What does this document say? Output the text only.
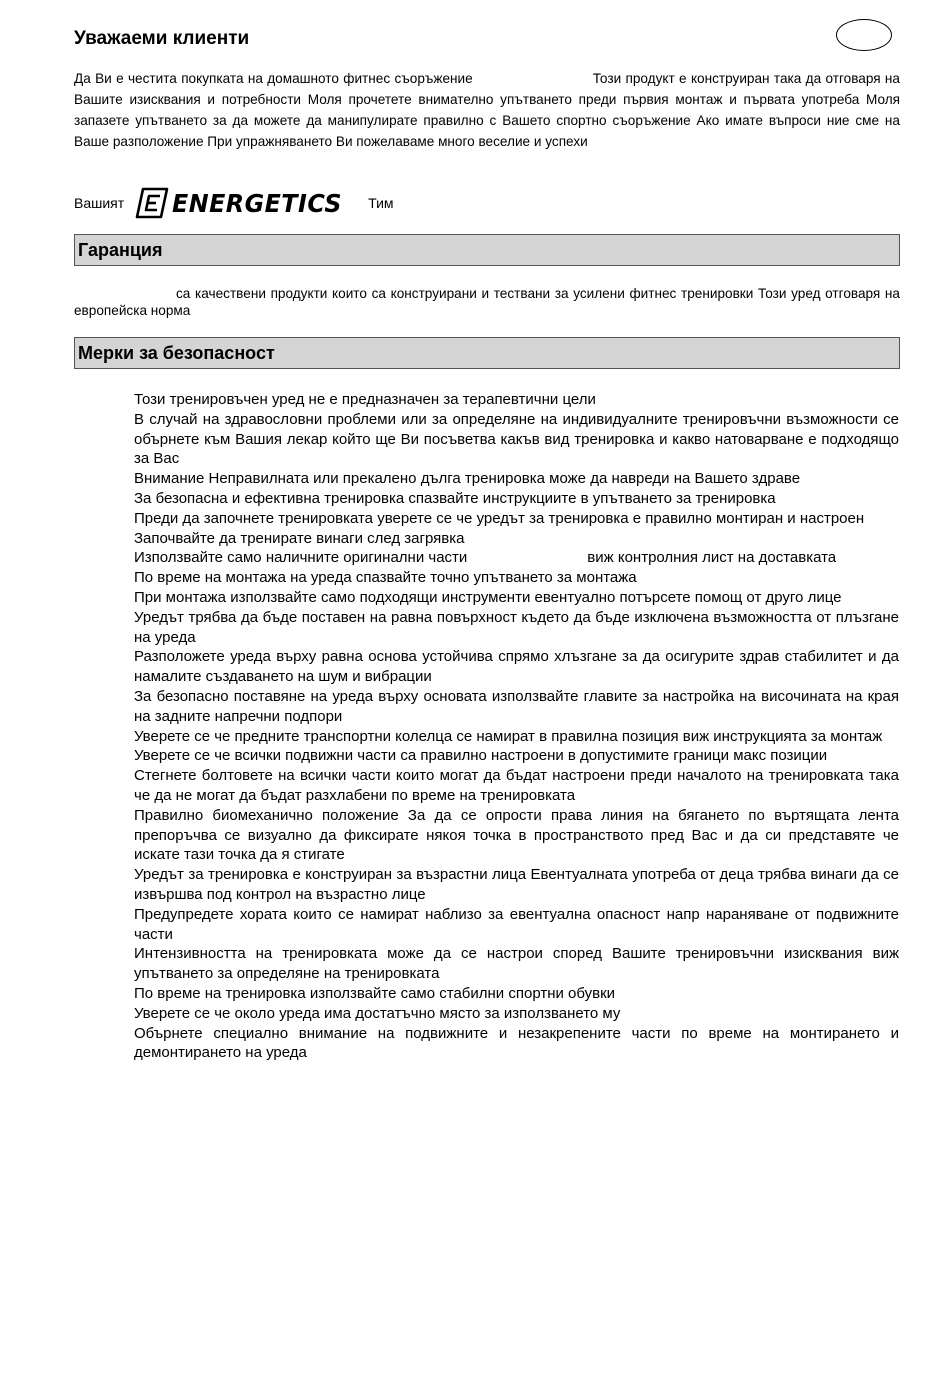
Уважаеми клиенти

Да Ви е честита покупката на домашното фитнес съоръжение	Този продукт е конструиран така да отговаря на Вашите изисквания и потребности Моля прочетете внимателно упътването преди първия монтаж и първата употреба Моля запазете упътването за да можете да манипулирате правилно с Вашето спортно съоръжение Ако имате въпроси ние сме на Ваше разположение При упражняването Ви пожелаваме много веселие и успехи

Вашият ENERGETICS Тим
Гаранция

са качествени продукти които са конструирани и тествани за усилени фитнес тренировки Този уред отговаря на европейска норма

Мерки за безопасност
Този тренировъчен уред не е предназначен за терапевтични цели
В случай на здравословни проблеми или за определяне на индивидуалните тренировъчни възможности се обърнете към Вашия лекар който ще Ви посъветва какъв вид тренировка и какво натоварване е подходящо за Вас
Внимание Неправилната или прекалено дълга тренировка може да навреди на Вашето здраве
За безопасна и ефективна тренировка спазвайте инструкциите в упътването за тренировка
Преди да започнете тренировката уверете се че уредът за тренировка е правилно монтиран и настроен
Започвайте да тренирате винаги след загрявка
Използвайте само наличните оригинални части	виж контролния лист на доставката
По време на монтажа на уреда спазвайте точно упътването за монтажа
При монтажа използвайте само подходящи инструменти евентуално потърсете помощ от друго лице
Уредът трябва да бъде поставен на равна повърхност където да бъде изключена възможността от плъзгане на уреда
Разположете уреда върху равна основа устойчива спрямо хлъзгане за да осигурите здрав стабилитет и да намалите създаването на шум и вибрации
За безопасно поставяне на уреда върху основата използвайте главите за настройка на височината на края на задните напречни подпори
Уверете се че предните транспортни колелца се намират в правилна позиция виж инструкцията за монтаж
Уверете се че всички подвижни части са правилно настроени в допустимите граници макс позиции
Стегнете болтовете на всички части които могат да бъдат настроени преди началото на тренировката така че да не могат да бъдат разхлабени по време на тренировката
Правилно биомеханично положение За да се опрости права линия на бягането по въртящата лента препоръчва се визуално да фиксирате някоя точка в пространството пред Вас и да си представяте че искате тази точка да я стигате
Уредът за тренировка е конструиран за възрастни лица Евентуалната употреба от деца трябва винаги да се извършва под контрол на възрастно лице
Предупредете хората които се намират наблизо за евентуална опасност напр нараняване от подвижните части
Интензивността на тренировката може да се настрои според Вашите тренировъчни изисквания виж упътването за определяне на тренировката
По време на тренировка използвайте само стабилни спортни обувки
Уверете се че около уреда има достатъчно място за използването му
Обърнете специално внимание на подвижните и незакрепените части по време на монтирането и демонтирането на уреда
